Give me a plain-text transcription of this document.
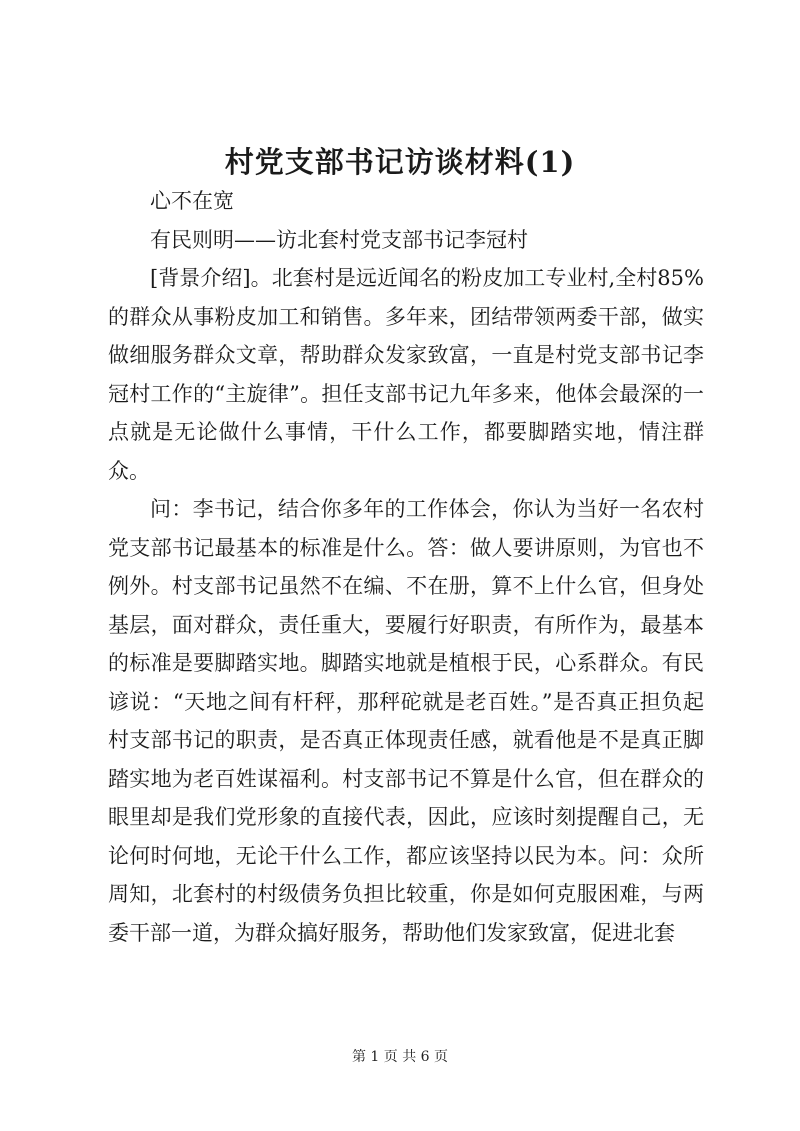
村党支部书记访谈材料(1)

心不在宽

有民则明——访北套村党支部书记李冠村

[背景介绍]。北套村是远近闻名的粉皮加工专业村,全村85%的群众从事粉皮加工和销售。多年来，团结带领两委干部，做实做细服务群众文章，帮助群众发家致富，一直是村党支部书记李冠村工作的“主旋律”。担任支部书记九年多来，他体会最深的一点就是无论做什么事情，干什么工作，都要脚踏实地，情注群众。

问：李书记，结合你多年的工作体会，你认为当好一名农村党支部书记最基本的标准是什么。答：做人要讲原则，为官也不例外。村支部书记虽然不在编、不在册，算不上什么官，但身处基层，面对群众，责任重大，要履行好职责，有所作为，最基本的标准是要脚踏实地。脚踏实地就是植根于民，心系群众。有民谚说：“天地之间有杆秤，那秤砣就是老百姓。”是否真正担负起村支部书记的职责，是否真正体现责任感，就看他是不是真正脚踏实地为老百姓谋福利。村支部书记不算是什么官，但在群众的眼里却是我们党形象的直接代表，因此，应该时刻提醒自己，无论何时何地，无论干什么工作，都应该坚持以民为本。问：众所周知，北套村的村级债务负担比较重，你是如何克服困难，与两委干部一道，为群众搞好服务，帮助他们发家致富，促进北套

第 1 页 共 6 页
